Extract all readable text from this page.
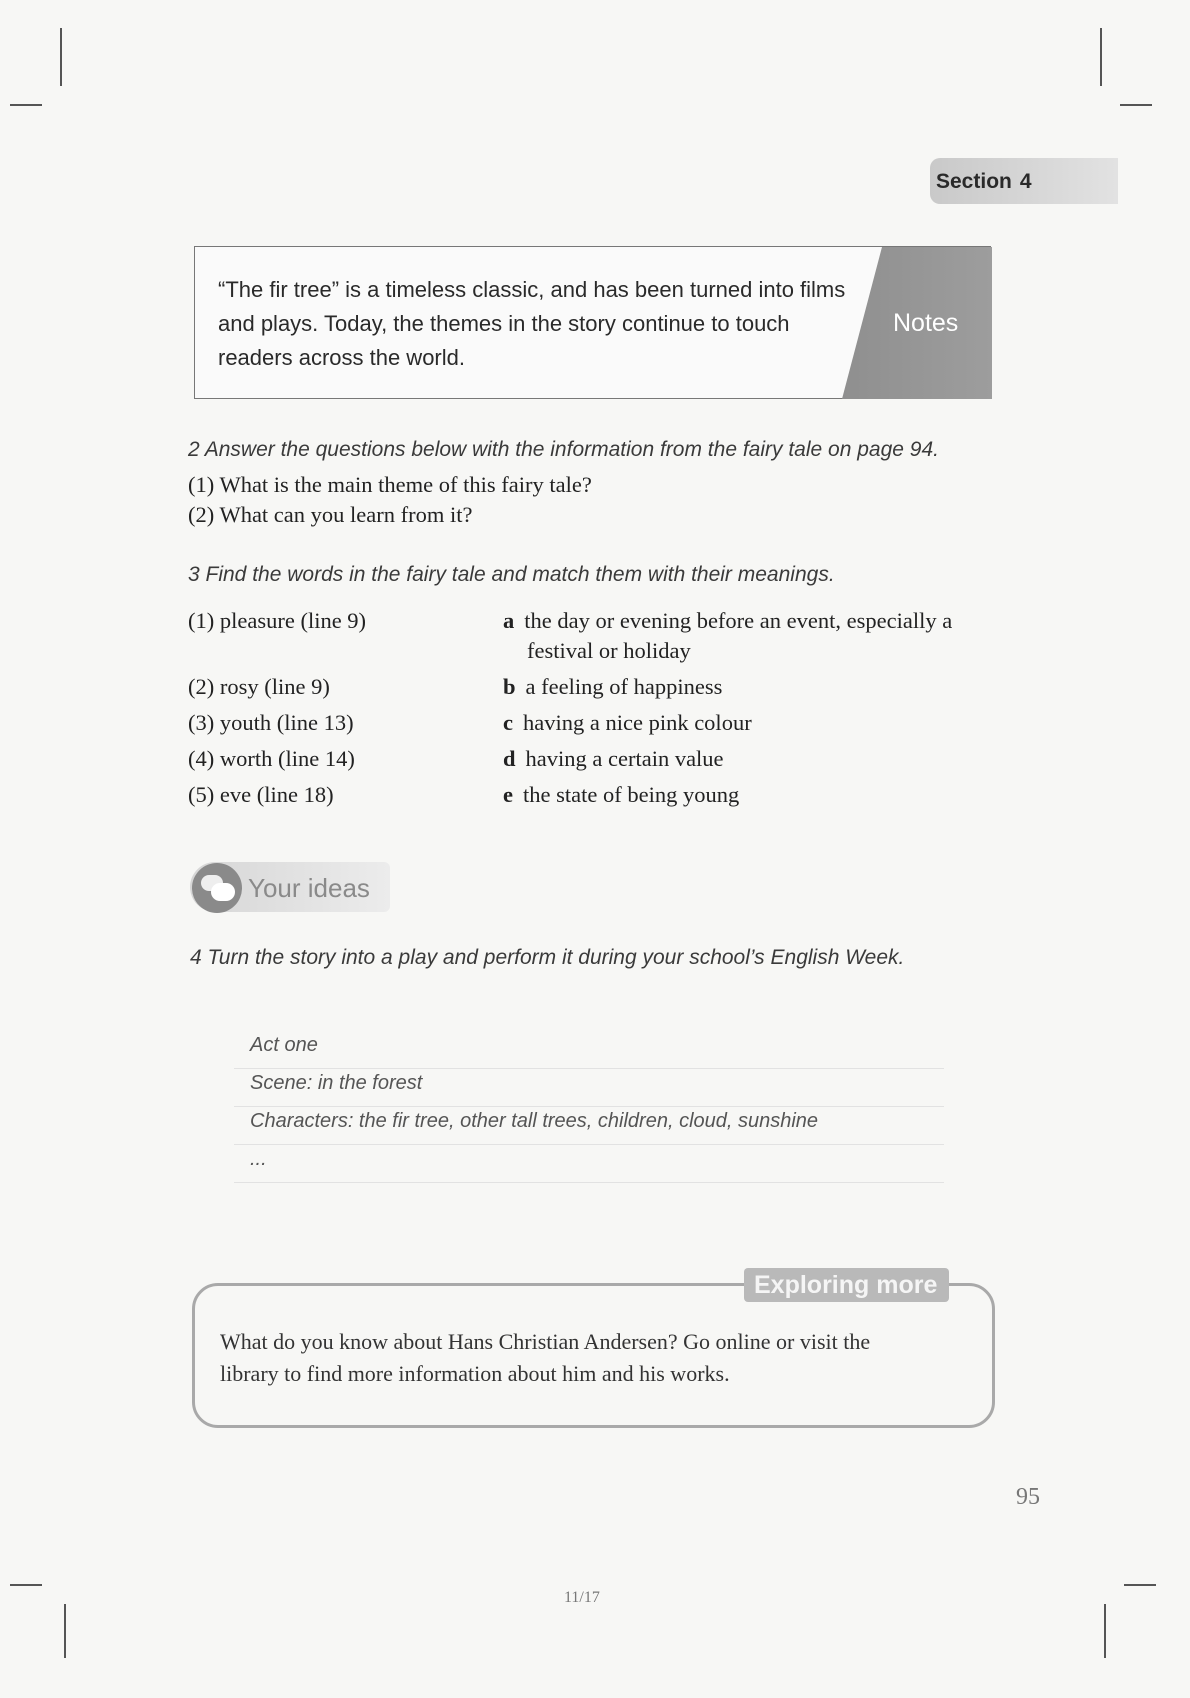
Section 4
“The fir tree” is a timeless classic, and has been turned into films
and plays. Today, the themes in the story continue to touch
readers across the world.
Notes
2 Answer the questions below with the information from the fairy tale on page 94.
(1) What is the main theme of this fairy tale?
(2) What can you learn from it?
3 Find the words in the fairy tale and match them with their meanings.
(1) pleasure (line 9)
(2) rosy (line 9)
(3) youth (line 13)
(4) worth (line 14)
(5) eve (line 18)
a the day or evening before an event, especially a
festival or holiday
b a feeling of happiness
c having a nice pink colour
d having a certain value
e the state of being young
Your ideas
4 Turn the story into a play and perform it during your school’s English Week.
Act one
Scene: in the forest
Characters: the fir tree, other tall trees, children, cloud, sunshine
...
Exploring more
What do you know about Hans Christian Andersen? Go online or visit the
library to find more information about him and his works.
95
11/17
